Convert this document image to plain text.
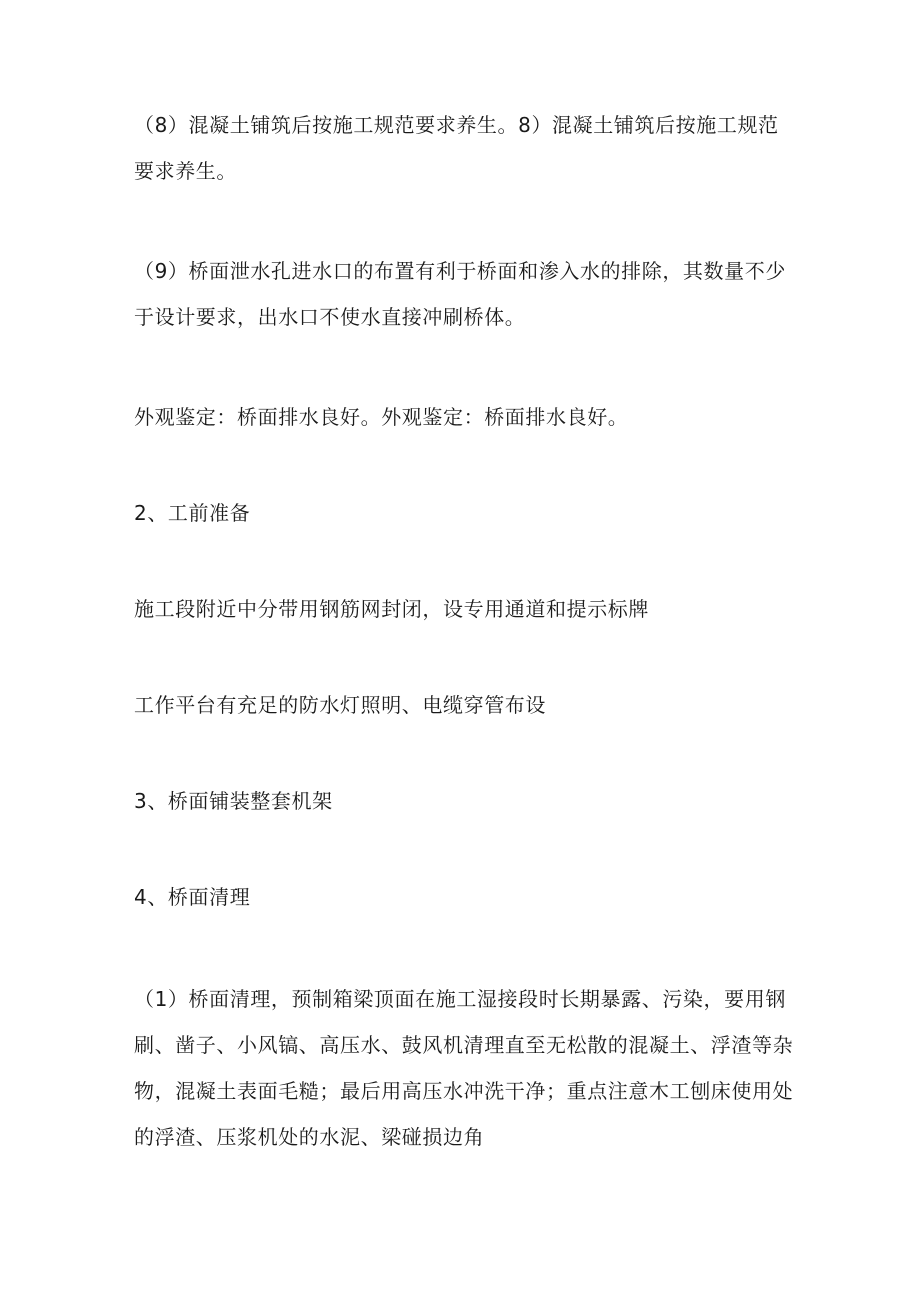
（8）混凝土铺筑后按施工规范要求养生。8）混凝土铺筑后按施工规范要求养生。

（9）桥面泄水孔进水口的布置有利于桥面和渗入水的排除，其数量不少于设计要求，出水口不使水直接冲刷桥体。

外观鉴定：桥面排水良好。外观鉴定：桥面排水良好。

2、工前准备

施工段附近中分带用钢筋网封闭，设专用通道和提示标牌

工作平台有充足的防水灯照明、电缆穿管布设

3、桥面铺装整套机架

4、桥面清理

（1）桥面清理，预制箱梁顶面在施工湿接段时长期暴露、污染，要用钢刷、凿子、小风镐、高压水、鼓风机清理直至无松散的混凝土、浮渣等杂物，混凝土表面毛糙；最后用高压水冲洗干净；重点注意木工刨床使用处的浮渣、压浆机处的水泥、梁碰损边角
